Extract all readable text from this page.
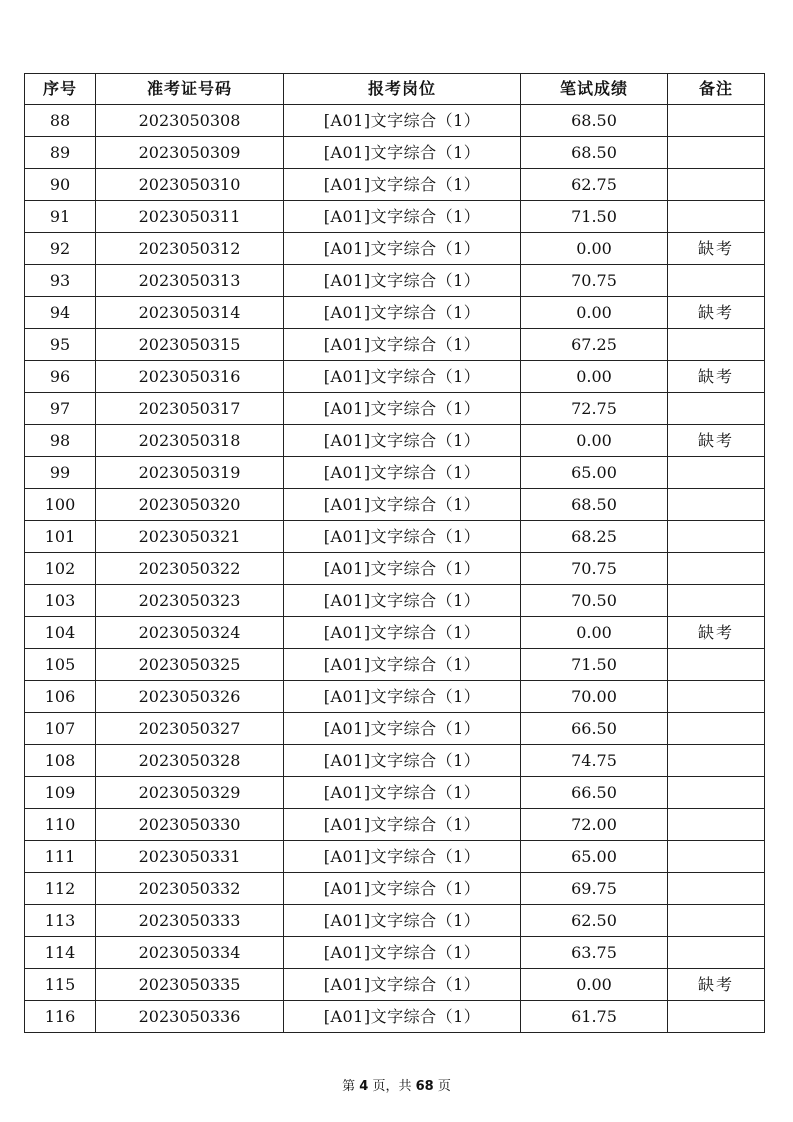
序号	准考证号码	报考岗位	笔试成绩	备注
88	2023050308	[A01]文字综合（1）	68.50	
89	2023050309	[A01]文字综合（1）	68.50	
90	2023050310	[A01]文字综合（1）	62.75	
91	2023050311	[A01]文字综合（1）	71.50	
92	2023050312	[A01]文字综合（1）	0.00	缺考
93	2023050313	[A01]文字综合（1）	70.75	
94	2023050314	[A01]文字综合（1）	0.00	缺考
95	2023050315	[A01]文字综合（1）	67.25	
96	2023050316	[A01]文字综合（1）	0.00	缺考
97	2023050317	[A01]文字综合（1）	72.75	
98	2023050318	[A01]文字综合（1）	0.00	缺考
99	2023050319	[A01]文字综合（1）	65.00	
100	2023050320	[A01]文字综合（1）	68.50	
101	2023050321	[A01]文字综合（1）	68.25	
102	2023050322	[A01]文字综合（1）	70.75	
103	2023050323	[A01]文字综合（1）	70.50	
104	2023050324	[A01]文字综合（1）	0.00	缺考
105	2023050325	[A01]文字综合（1）	71.50	
106	2023050326	[A01]文字综合（1）	70.00	
107	2023050327	[A01]文字综合（1）	66.50	
108	2023050328	[A01]文字综合（1）	74.75	
109	2023050329	[A01]文字综合（1）	66.50	
110	2023050330	[A01]文字综合（1）	72.00	
111	2023050331	[A01]文字综合（1）	65.00	
112	2023050332	[A01]文字综合（1）	69.75	
113	2023050333	[A01]文字综合（1）	62.50	
114	2023050334	[A01]文字综合（1）	63.75	
115	2023050335	[A01]文字综合（1）	0.00	缺考
116	2023050336	[A01]文字综合（1）	61.75	
第 4 页，共 68 页
